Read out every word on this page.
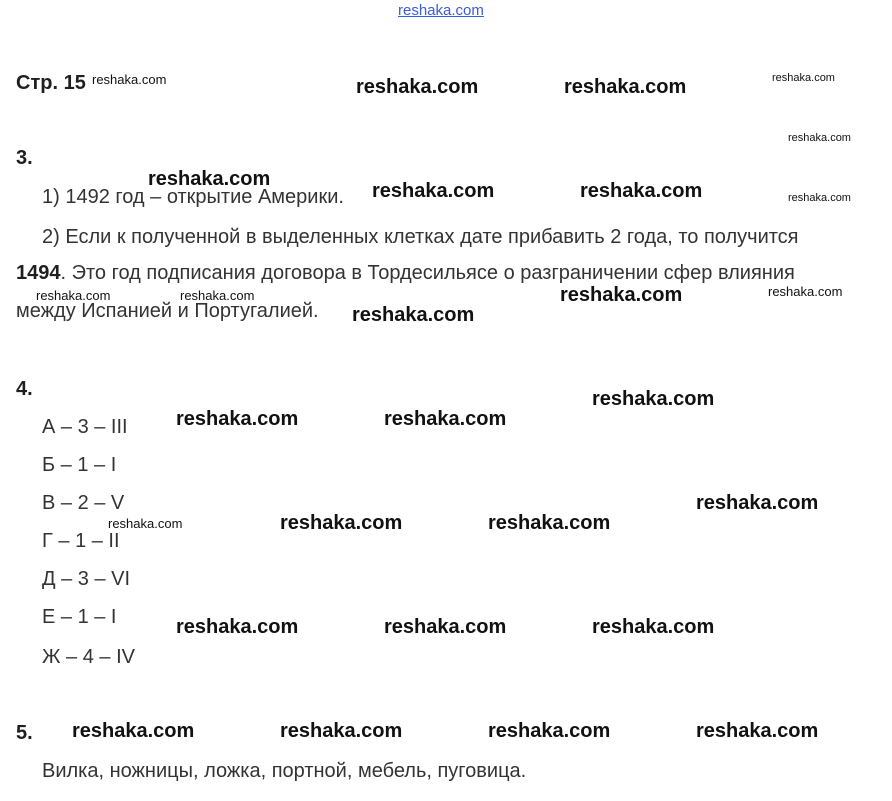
reshaka.com
Стр. 15
3.
1) 1492 год – открытие Америки.
2) Если к полученной в выделенных клетках дате прибавить 2 года, то получится
1494. Это год подписания договора в Тордесильясе о разграничении сфер влияния
между Испанией и Португалией.
4.
А – 3 – III
Б – 1 – I
В – 2 – V
Г – 1 – II
Д – 3 – VI
Е – 1 – I
Ж – 4 – IV
5.
Вилка, ножницы, ложка, портной, мебель, пуговица.
reshaka.com	reshaka.com	reshaka.com	reshaka.com
reshaka.com
reshaka.com
reshaka.com	reshaka.com	reshaka.com
reshaka.com	reshaka.com	reshaka.com	reshaka.com
reshaka.com
reshaka.com
reshaka.com	reshaka.com
reshaka.com
reshaka.com	reshaka.com	reshaka.com
reshaka.com	reshaka.com	reshaka.com
reshaka.com	reshaka.com	reshaka.com	reshaka.com
